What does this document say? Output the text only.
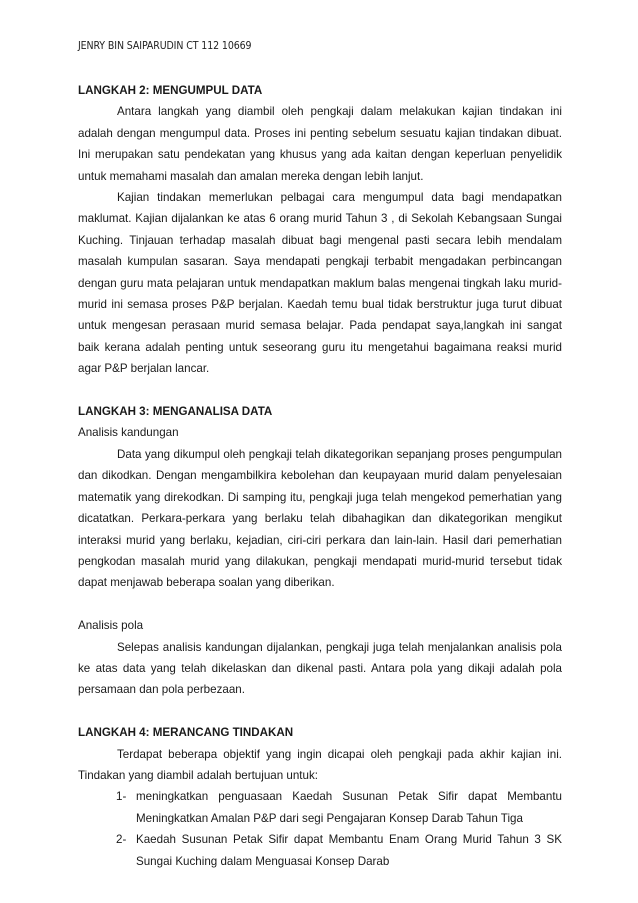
JENRY BIN SAIPARUDIN CT 112 10669

LANGKAH 2: MENGUMPUL DATA

Antara langkah yang diambil oleh pengkaji dalam melakukan kajian tindakan ini adalah dengan mengumpul data. Proses ini penting sebelum sesuatu kajian tindakan dibuat. Ini merupakan satu pendekatan yang khusus yang ada kaitan dengan keperluan penyelidik untuk memahami masalah dan amalan mereka dengan lebih lanjut.

Kajian tindakan memerlukan pelbagai cara mengumpul data bagi mendapatkan maklumat. Kajian dijalankan ke atas 6 orang murid Tahun 3 , di Sekolah Kebangsaan Sungai Kuching. Tinjauan terhadap masalah dibuat bagi mengenal pasti secara lebih mendalam masalah kumpulan sasaran. Saya mendapati pengkaji terbabit mengadakan perbincangan dengan guru mata pelajaran untuk mendapatkan maklum balas mengenai tingkah laku murid-murid ini semasa proses P&P berjalan. Kaedah temu bual tidak berstruktur juga turut dibuat untuk mengesan perasaan murid semasa belajar. Pada pendapat saya,langkah ini sangat baik kerana adalah penting untuk seseorang guru itu mengetahui bagaimana reaksi murid agar P&P berjalan lancar.

LANGKAH 3: MENGANALISA DATA

Analisis kandungan

Data yang dikumpul oleh pengkaji telah dikategorikan sepanjang proses pengumpulan dan dikodkan. Dengan mengambilkira kebolehan dan keupayaan murid dalam penyelesaian matematik yang direkodkan. Di samping itu, pengkaji juga telah mengekod pemerhatian yang dicatatkan. Perkara-perkara yang berlaku telah dibahagikan dan dikategorikan mengikut interaksi murid yang berlaku, kejadian, ciri-ciri perkara dan lain-lain. Hasil dari pemerhatian pengkodan masalah murid yang dilakukan, pengkaji mendapati murid-murid tersebut tidak dapat menjawab beberapa soalan yang diberikan.

Analisis pola

Selepas analisis kandungan dijalankan, pengkaji juga telah menjalankan analisis pola ke atas data yang telah dikelaskan dan dikenal pasti. Antara pola yang dikaji adalah pola persamaan dan pola perbezaan.

LANGKAH 4: MERANCANG TINDAKAN

Terdapat beberapa objektif yang ingin dicapai oleh pengkaji pada akhir kajian ini. Tindakan yang diambil adalah bertujuan untuk:

1- meningkatkan penguasaan Kaedah Susunan Petak Sifir dapat Membantu Meningkatkan Amalan P&P dari segi Pengajaran Konsep Darab Tahun Tiga
2- Kaedah Susunan Petak Sifir dapat Membantu Enam Orang Murid Tahun 3 SK Sungai Kuching dalam Menguasai Konsep Darab
